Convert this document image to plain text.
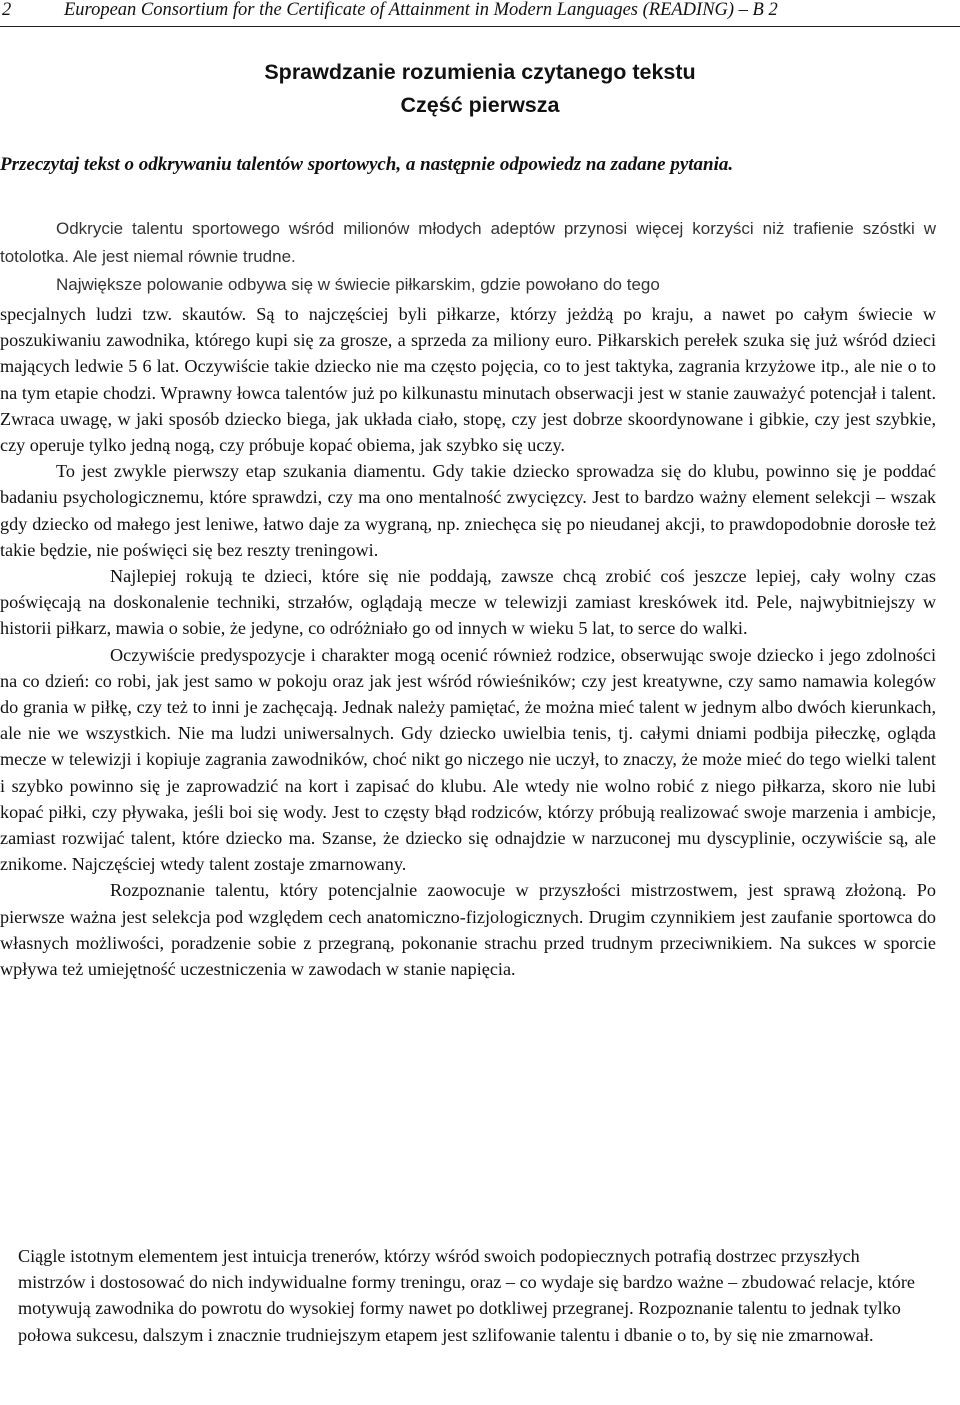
2	European Consortium for the Certificate of Attainment in Modern Languages (READING) – B 2
Sprawdzanie rozumienia czytanego tekstu
Część pierwsza
Przeczytaj tekst o odkrywaniu talentów sportowych, a następnie odpowiedz na zadane pytania.

Odkrycie talentu sportowego wśród milionów młodych adeptów przynosi więcej korzyści niż trafienie szóstki w totolotka. Ale jest niemal równie trudne.

Największe polowanie odbywa się w świecie piłkarskim, gdzie powołano do tego

specjalnych ludzi tzw. skautów. Są to najczęściej byli piłkarze, którzy jeżdżą po kraju, a nawet po całym świecie w poszukiwaniu zawodnika, którego kupi się za grosze, a sprzeda za miliony euro. Piłkarskich perełek szuka się już wśród dzieci mających ledwie 5 6 lat. Oczywiście takie dziecko nie ma często pojęcia, co to jest taktyka, zagrania krzyżowe itp., ale nie o to na tym etapie chodzi. Wprawny łowca talentów już po kilkunastu minutach obserwacji jest w stanie zauważyć potencjał i talent. Zwraca uwagę, w jaki sposób dziecko biega, jak układa ciało, stopę, czy jest dobrze skoordynowane i gibkie, czy jest szybkie, czy operuje tylko jedną nogą, czy próbuje kopać obiema, jak szybko się uczy.

To jest zwykle pierwszy etap szukania diamentu. Gdy takie dziecko sprowadza się do klubu, powinno się je poddać badaniu psychologicznemu, które sprawdzi, czy ma ono mentalność zwycięzcy. Jest to bardzo ważny element selekcji – wszak gdy dziecko od małego jest leniwe, łatwo daje za wygraną, np. zniechęca się po nieudanej akcji, to prawdopodobnie dorosłe też takie będzie, nie poświęci się bez reszty treningowi.

Najlepiej rokują te dzieci, które się nie poddają, zawsze chcą zrobić coś jeszcze lepiej, cały wolny czas poświęcają na doskonalenie techniki, strzałów, oglądają mecze w telewizji zamiast kreskówek itd. Pele, najwybitniejszy w historii piłkarz, mawia o sobie, że jedyne, co odróżniało go od innych w wieku 5 lat, to serce do walki.

Oczywiście predyspozycje i charakter mogą ocenić również rodzice, obserwując swoje dziecko i jego zdolności na co dzień: co robi, jak jest samo w pokoju oraz jak jest wśród rówieśników; czy jest kreatywne, czy samo namawia kolegów do grania w piłkę, czy też to inni je zachęcają. Jednak należy pamiętać, że można mieć talent w jednym albo dwóch kierunkach, ale nie we wszystkich. Nie ma ludzi uniwersalnych. Gdy dziecko uwielbia tenis, tj. całymi dniami podbija piłeczkę, ogląda mecze w telewizji i kopiuje zagrania zawodników, choć nikt go niczego nie uczył, to znaczy, że może mieć do tego wielki talent i szybko powinno się je zaprowadzić na kort i zapisać do klubu. Ale wtedy nie wolno robić z niego piłkarza, skoro nie lubi kopać piłki, czy pływaka, jeśli boi się wody. Jest to częsty błąd rodziców, którzy próbują realizować swoje marzenia i ambicje, zamiast rozwijać talent, które dziecko ma. Szanse, że dziecko się odnajdzie w narzuconej mu dyscyplinie, oczywiście są, ale znikome. Najczęściej wtedy talent zostaje zmarnowany.

Rozpoznanie talentu, który potencjalnie zaowocuje w przyszłości mistrzostwem, jest sprawą złożoną. Po pierwsze ważna jest selekcja pod względem cech anatomiczno-fizjologicznych. Drugim czynnikiem jest zaufanie sportowca do własnych możliwości, poradzenie sobie z przegraną, pokonanie strachu przed trudnym przeciwnikiem. Na sukces w sporcie wpływa też umiejętność uczestniczenia w zawodach w stanie napięcia.

Ciągle istotnym elementem jest intuicja trenerów, którzy wśród swoich podopiecznych potrafią dostrzec przyszłych mistrzów i dostosować do nich indywidualne formy treningu, oraz – co wydaje się bardzo ważne – zbudować relacje, które motywują zawodnika do powrotu do wysokiej formy nawet po dotkliwej przegranej. Rozpoznanie talentu to jednak tylko połowa sukcesu, dalszym i znacznie trudniejszym etapem jest szlifowanie talentu i dbanie o to, by się nie zmarnował.
